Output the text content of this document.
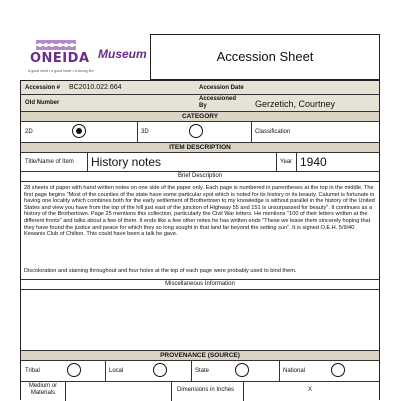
ONEIDA
A good mind • a good heart • a strong fire
Museum	Accession Sheet
Accession # BC2010.022.664	Accession Date
Old Number
Accessioned By	Gerzetich, Courtney
CATEGORY
2D	3D	Classification
ITEM DESCRIPTION
Title/Name of Item History notes	Year 1940
Brief Description
28 sheets of paper with hand written notes on one side of the paper only. Each page is numbered in parentheses at the top in the middle. The first page begins "Most of the counties of the state have some particular spot which is noted for its history or its beauty. Calumet is fortunate in having one locality which combines both for the early settlement of Brothertown to my knowledge is without parallel in the history of the United States and view you have from the top of the hill just east of the junction of Highway 55 and 151 is unsurpassed for beauty". It continues as a history of the Brothertown. Page 25 mentions this collection, particularly the Civil War letters. He mentions "100 of their letters written at the different fronts" and talks about a few of them. It ends like a few other notes he has written ends "These we leave them sincerely hoping that they have found the justice and peace for which they so long sought in that land far beyond the setting sun". It is signed O.E.H. 5/9/40 Kewanis Club of Chilton. This could have been a talk he gave.
Discoloration and staining throughout and four holes at the top of each page were probably used to bind them.
Miscellaneous Information
PROVENANCE (SOURCE)
Tribal	Local	State	National
Medium or Materials	Dimensions in Inches	X
